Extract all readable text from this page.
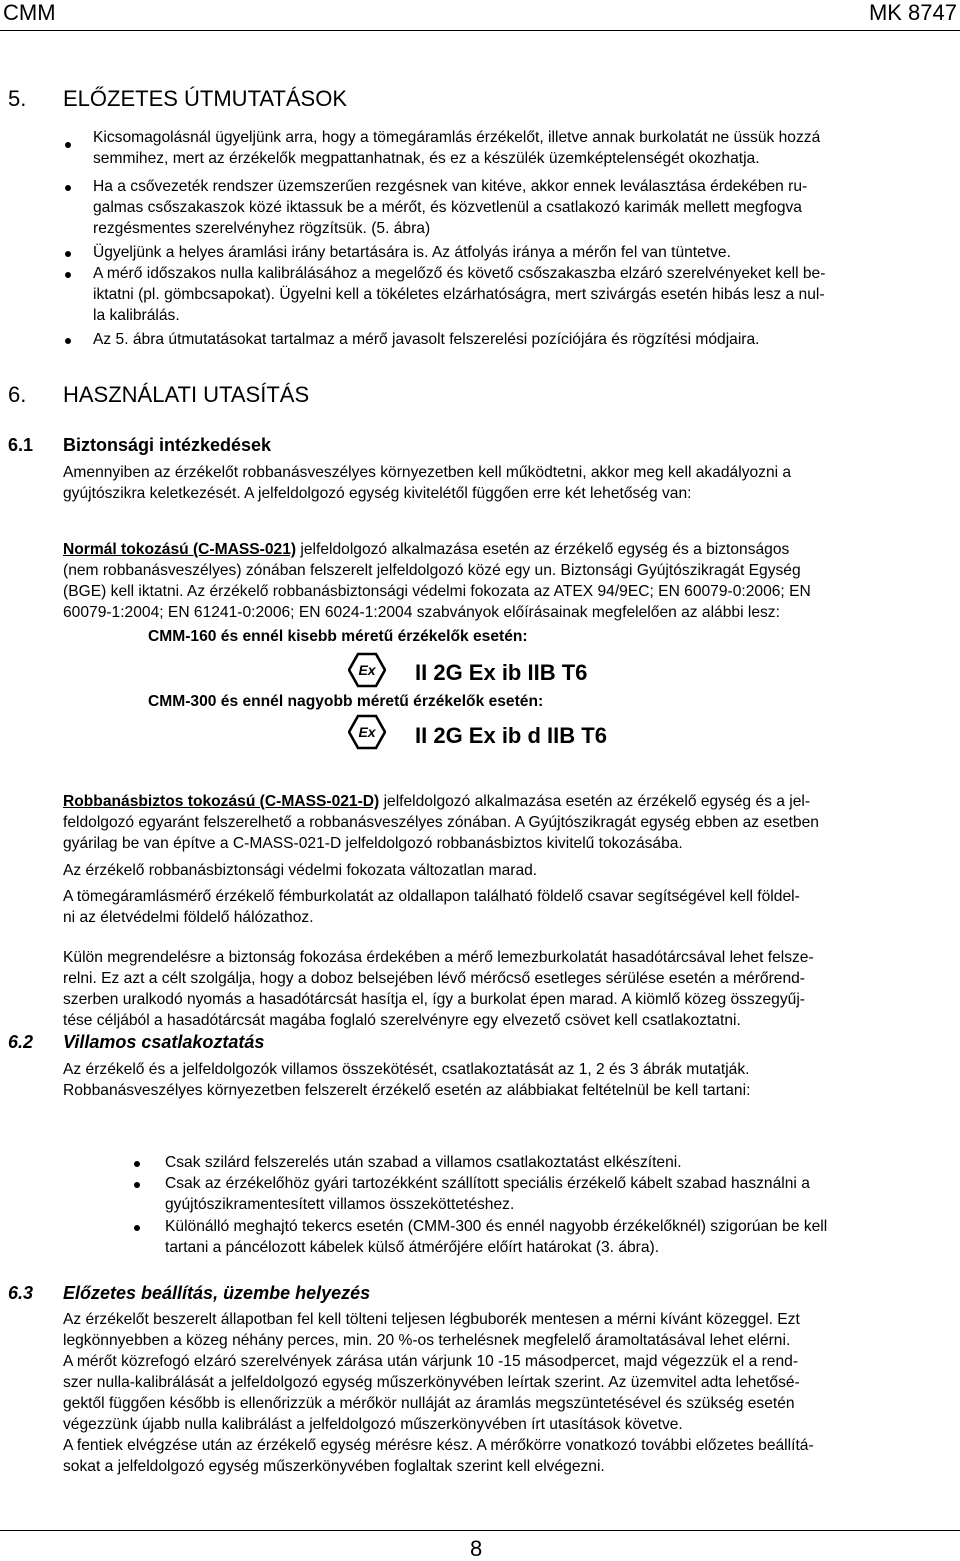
CMM	MK 8747
5. ELŐZETES ÚTMUTATÁSOK
Kicsomagolásnál ügyeljünk arra, hogy a tömegáramlás érzékelőt, illetve annak burkolatát ne üssük hozzá
semmihez, mert az érzékelők megpattanhatnak, és ez a készülék üzemképtelenségét okozhatja.
Ha a csővezeték rendszer üzemszerűen rezgésnek van kitéve, akkor ennek leválasztása érdekében ru-
galmas csőszakaszok közé iktassuk be a mérőt, és közvetlenül a csatlakozó karimák mellett megfogva
rezgésmentes szerelvényhez rögzítsük. (5. ábra)
Ügyeljünk a helyes áramlási irány betartására is. Az átfolyás iránya a mérőn fel van tüntetve.
A mérő időszakos nulla kalibrálásához a megelőző és követő csőszakaszba elzáró szerelvényeket kell be-
iktatni (pl. gömbcsapokat). Ügyelni kell a tökéletes elzárhatóságra, mert szivárgás esetén hibás lesz a nul-
la kalibrálás.
Az 5. ábra útmutatásokat tartalmaz a mérő javasolt felszerelési pozíciójára és rögzítési módjaira.
6. HASZNÁLATI UTASÍTÁS
6.1 Biztonsági intézkedések
Amennyiben az érzékelőt robbanásveszélyes környezetben kell működtetni, akkor meg kell akadályozni a
gyújtószikra keletkezését. A jelfeldolgozó egység kivitelétől függően erre két lehetőség van:
Normál tokozású (C-MASS-021) jelfeldolgozó alkalmazása esetén az érzékelő egység és a biztonságos
(nem robbanásveszélyes) zónában felszerelt jelfeldolgozó közé egy un. Biztonsági Gyújtószikragát Egység
(BGE) kell iktatni. Az érzékelő robbanásbiztonsági védelmi fokozata az ATEX 94/9EC; EN 60079-0:2006; EN
60079-1:2004; EN 61241-0:2006; EN 6024-1:2004 szabványok előírásainak megfelelően az alábbi lesz:
CMM-160 és ennél kisebb méretű érzékelők esetén:
Ex II 2G Ex ib IIB T6
CMM-300 és ennél nagyobb méretű érzékelők esetén:
Ex II 2G Ex ib d IIB T6
Robbanásbiztos tokozású (C-MASS-021-D) jelfeldolgozó alkalmazása esetén az érzékelő egység és a jel-
feldolgozó egyaránt felszerelhető a robbanásveszélyes zónában. A Gyújtószikragát egység ebben az esetben
gyárilag be van építve a C-MASS-021-D jelfeldolgozó robbanásbiztos kivitelű tokozásába.
Az érzékelő robbanásbiztonsági védelmi fokozata változatlan marad.
A tömegáramlásmérő érzékelő fémburkolatát az oldallapon található földelő csavar segítségével kell földel-
ni az életvédelmi földelő hálózathoz.
Külön megrendelésre a biztonság fokozása érdekében a mérő lemezburkolatát hasadótárcsával lehet felsze-
relni. Ez azt a célt szolgálja, hogy a doboz belsejében lévő mérőcső esetleges sérülése esetén a mérőrend-
szerben uralkodó nyomás a hasadótárcsát hasítja el, így a burkolat épen marad. A kiömlő közeg összegyűj-
tése céljából a hasadótárcsát magába foglaló szerelvényre egy elvezető csövet kell csatlakoztatni.
6.2 Villamos csatlakoztatás
Az érzékelő és a jelfeldolgozók villamos összekötését, csatlakoztatását az 1, 2 és 3 ábrák mutatják.
Robbanásveszélyes környezetben felszerelt érzékelő esetén az alábbiakat feltételnül be kell tartani:
Csak szilárd felszerelés után szabad a villamos csatlakoztatást elkészíteni.
Csak az érzékelőhöz gyári tartozékként szállított speciális érzékelő kábelt szabad használni a
gyújtószikramentesített villamos összeköttetéshez.
Különálló meghajtó tekercs esetén (CMM-300 és ennél nagyobb érzékelőknél) szigorúan be kell
tartani a páncélozott kábelek külső átmérőjére előírt határokat (3. ábra).
6.3 Előzetes beállítás, üzembe helyezés
Az érzékelőt beszerelt állapotban fel kell tölteni teljesen légbuborék mentesen a mérni kívánt közeggel. Ezt
legkönnyebben a közeg néhány perces, min. 20 %-os terhelésnek megfelelő áramoltatásával lehet elérni.
A mérőt közrefogó elzáró szerelvények zárása után várjunk 10 -15 másodpercet, majd végezzük el a rend-
szer nulla-kalibrálását a jelfeldolgozó egység műszerkönyvében leírtak szerint. Az üzemvitel adta lehetősé-
gektől függően később is ellenőrizzük a mérőkör nulláját az áramlás megszüntetésével és szükség esetén
végezzünk újabb nulla kalibrálást a jelfeldolgozó műszerkönyvében írt utasítások követve.
A fentiek elvégzése után az érzékelő egység mérésre kész. A mérőkörre vonatkozó további előzetes beállítá-
sokat a jelfeldolgozó egység műszerkönyvében foglaltak szerint kell elvégezni.
8
